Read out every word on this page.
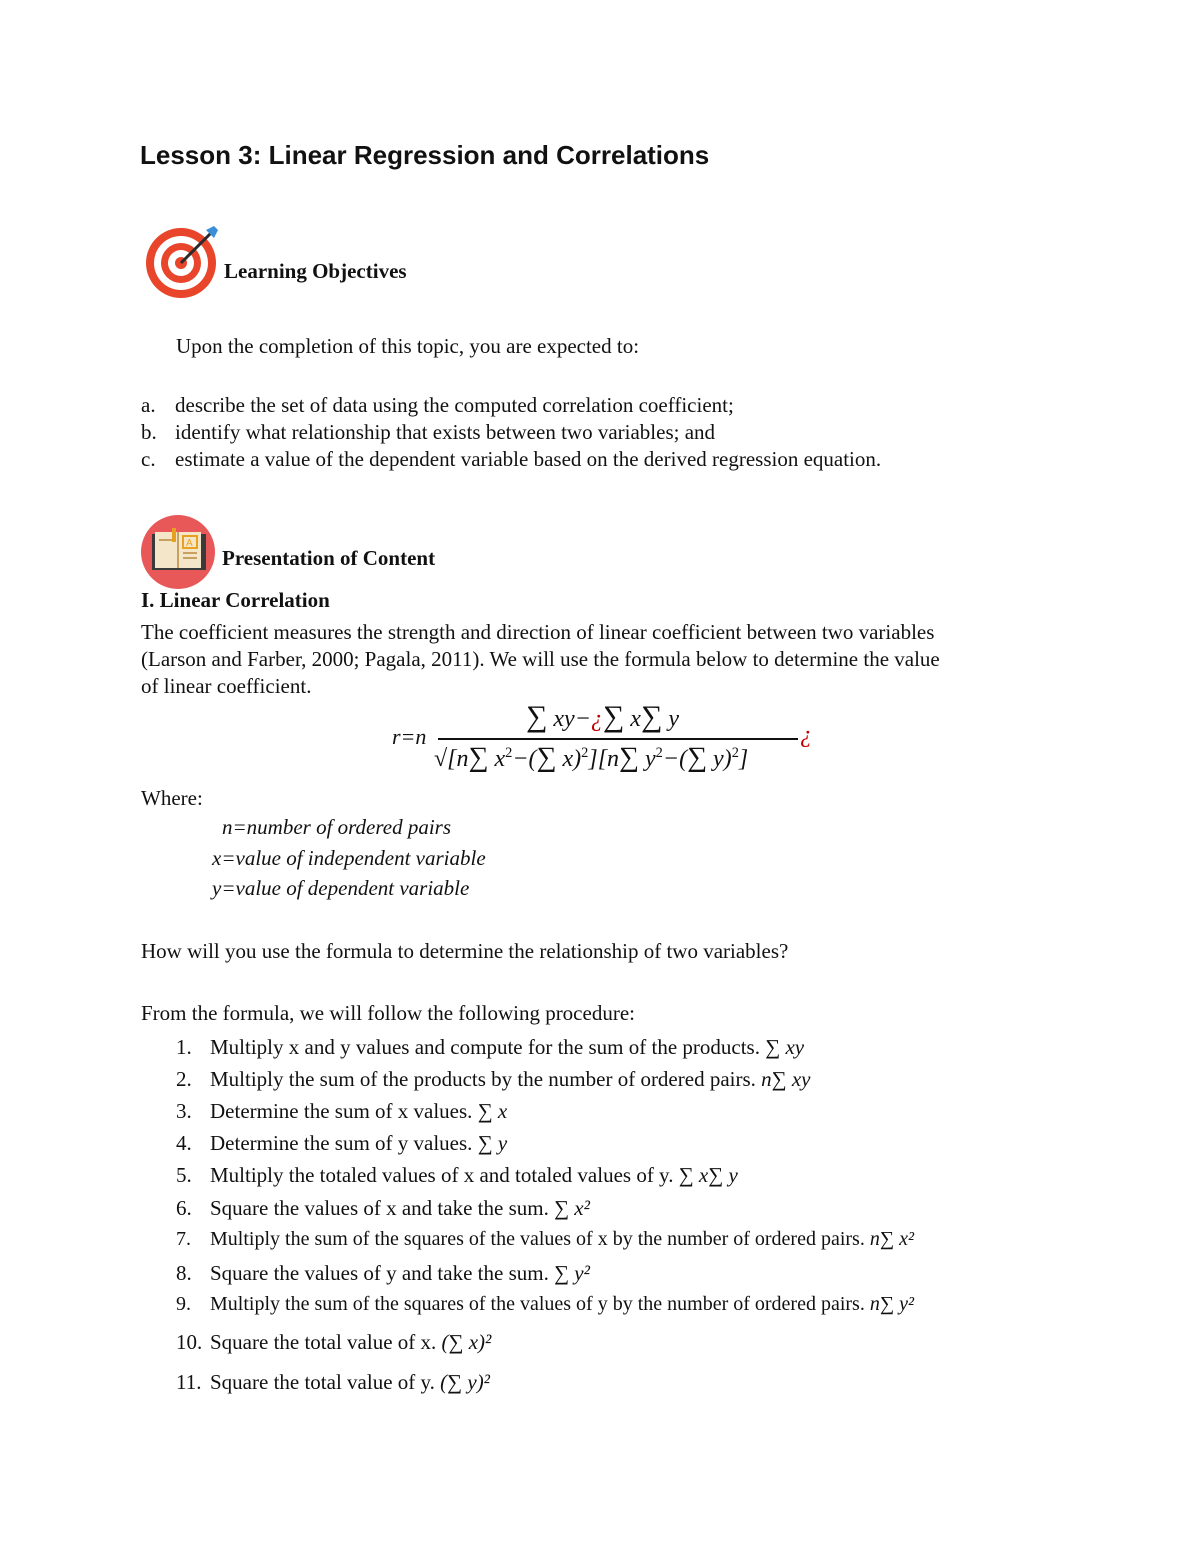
Lesson 3: Linear Regression and Correlations
Learning Objectives
Upon the completion of this topic, you are expected to:
a. describe the set of data using the computed correlation coefficient;
b. identify what relationship that exists between two variables; and
c. estimate a value of the dependent variable based on the derived regression equation.
A
Presentation of Content
I. Linear Correlation
The coefficient measures the strength and direction of linear coefficient between two variables
(Larson and Farber, 2000; Pagala, 2011). We will use the formula below to determine the value
of linear coefficient.
r=n
∑ xy−¿∑ x∑ y
√[n∑ $x^2-(\sum$ x)$^2$][n∑ $y^2-(\sum$ y)$^2$]
¿
Where:
n=number of ordered pairs
x=value of independent variable
y=value of dependent variable
How will you use the formula to determine the relationship of two variables?
From the formula, we will follow the following procedure:
1. Multiply x and y values and compute for the sum of the products. ∑ xy
2. Multiply the sum of the products by the number of ordered pairs. n∑ xy
3. Determine the sum of x values. ∑ x
4. Determine the sum of y values. ∑ y
5. Multiply the totaled values of x and totaled values of y. ∑ x∑ y
6. Square the values of x and take the sum. ∑ x²
7. Multiply the sum of the squares of the values of x by the number of ordered pairs. n∑ x²
8. Square the values of y and take the sum. ∑ y²
9. Multiply the sum of the squares of the values of y by the number of ordered pairs. n∑ y²
10. Square the total value of x. (∑ x)²
11. Square the total value of y. (∑ y)²
